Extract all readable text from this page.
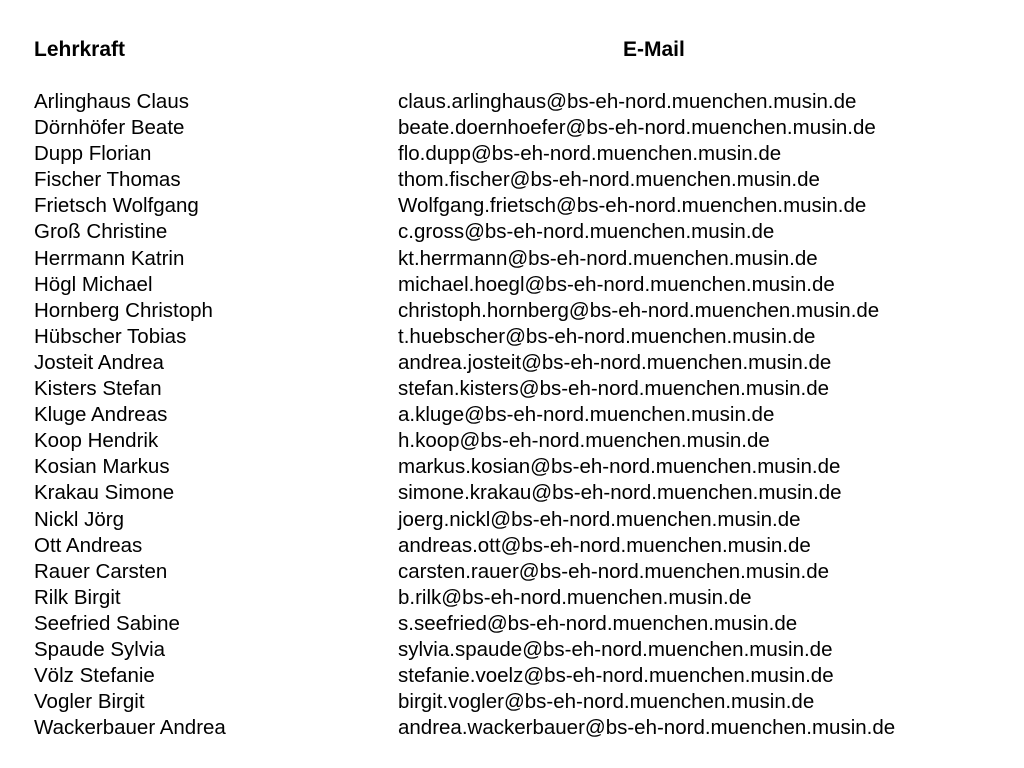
Lehrkraft	E-Mail
Arlinghaus Claus	claus.arlinghaus@bs-eh-nord.muenchen.musin.de
Dörnhöfer Beate	beate.doernhoefer@bs-eh-nord.muenchen.musin.de
Dupp Florian	flo.dupp@bs-eh-nord.muenchen.musin.de
Fischer Thomas	thom.fischer@bs-eh-nord.muenchen.musin.de
Frietsch Wolfgang	Wolfgang.frietsch@bs-eh-nord.muenchen.musin.de
Groß Christine	c.gross@bs-eh-nord.muenchen.musin.de
Herrmann Katrin	kt.herrmann@bs-eh-nord.muenchen.musin.de
Högl Michael	michael.hoegl@bs-eh-nord.muenchen.musin.de
Hornberg Christoph	christoph.hornberg@bs-eh-nord.muenchen.musin.de
Hübscher Tobias	t.huebscher@bs-eh-nord.muenchen.musin.de
Josteit Andrea	andrea.josteit@bs-eh-nord.muenchen.musin.de
Kisters Stefan	stefan.kisters@bs-eh-nord.muenchen.musin.de
Kluge Andreas	a.kluge@bs-eh-nord.muenchen.musin.de
Koop Hendrik	h.koop@bs-eh-nord.muenchen.musin.de
Kosian Markus	markus.kosian@bs-eh-nord.muenchen.musin.de
Krakau Simone	simone.krakau@bs-eh-nord.muenchen.musin.de
Nickl Jörg	joerg.nickl@bs-eh-nord.muenchen.musin.de
Ott Andreas	andreas.ott@bs-eh-nord.muenchen.musin.de
Rauer Carsten	carsten.rauer@bs-eh-nord.muenchen.musin.de
Rilk Birgit	b.rilk@bs-eh-nord.muenchen.musin.de
Seefried Sabine	s.seefried@bs-eh-nord.muenchen.musin.de
Spaude Sylvia	sylvia.spaude@bs-eh-nord.muenchen.musin.de
Völz Stefanie	stefanie.voelz@bs-eh-nord.muenchen.musin.de
Vogler Birgit	birgit.vogler@bs-eh-nord.muenchen.musin.de
Wackerbauer Andrea	andrea.wackerbauer@bs-eh-nord.muenchen.musin.de
